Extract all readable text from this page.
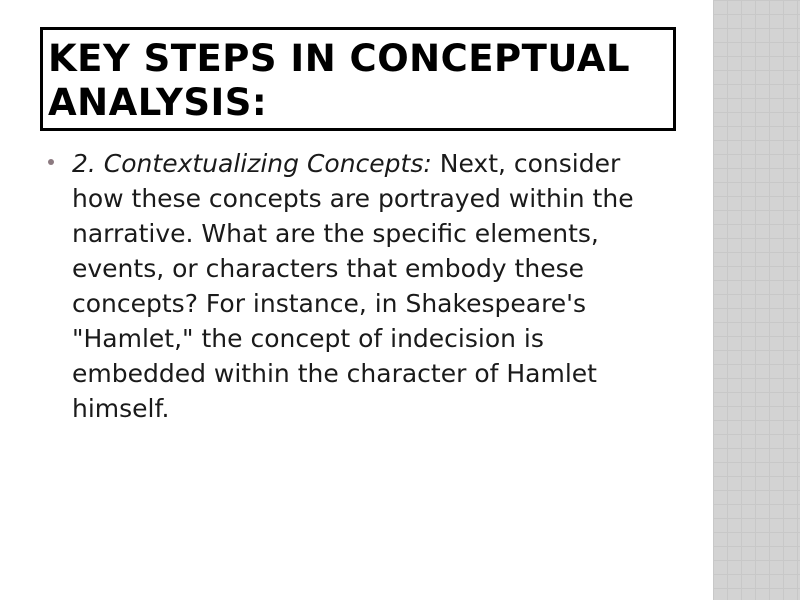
KEY STEPS IN CONCEPTUAL ANALYSIS:
2. Contextualizing Concepts: Next, consider how these concepts are portrayed within the narrative. What are the specific elements, events, or characters that embody these concepts? For instance, in Shakespeare's "Hamlet," the concept of indecision is embedded within the character of Hamlet himself.
